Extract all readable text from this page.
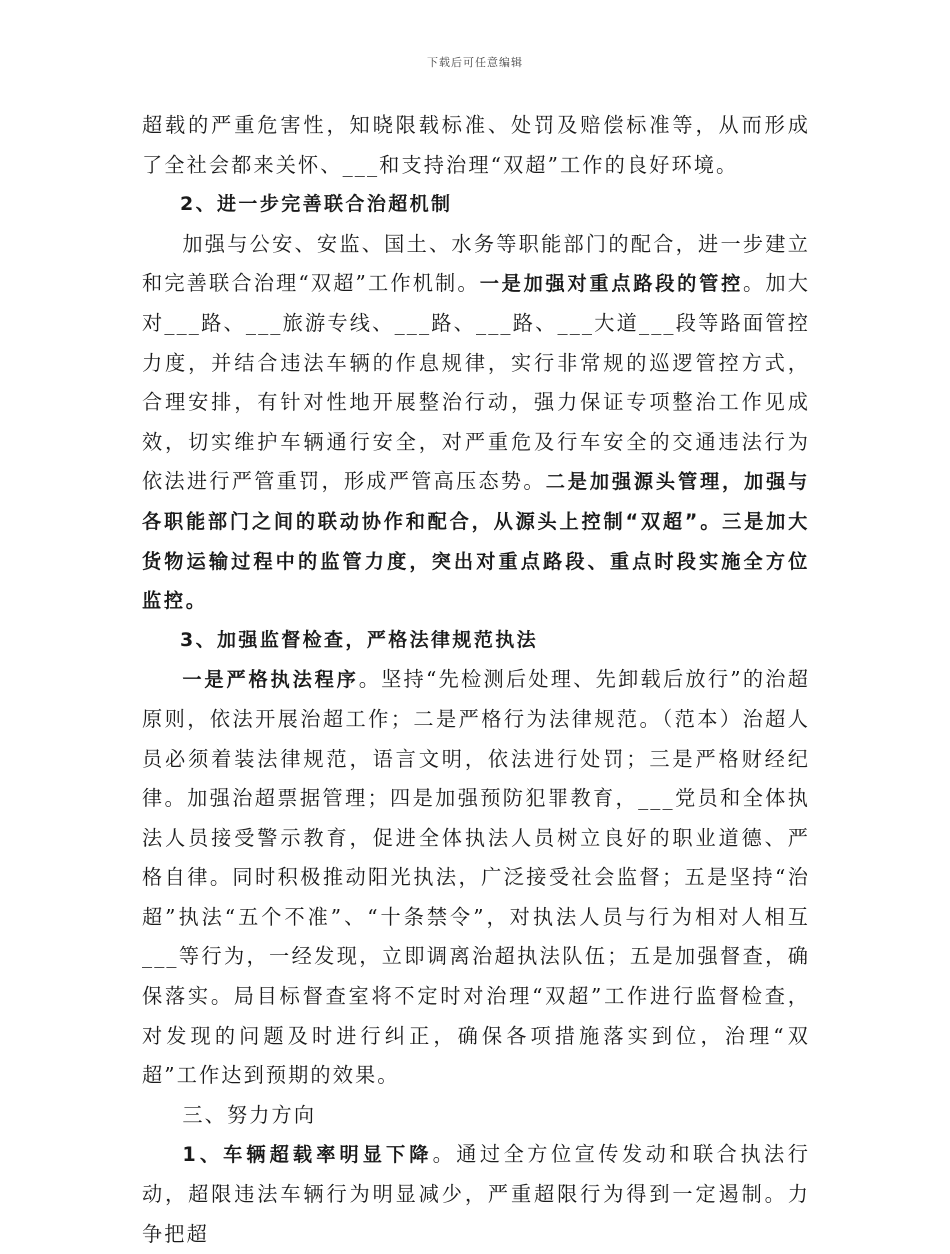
下载后可任意编辑

超载的严重危害性，知晓限载标准、处罚及赔偿标准等，从而形成了全社会都来关怀、___和支持治理“双超”工作的良好环境。

2、进一步完善联合治超机制

加强与公安、安监、国土、水务等职能部门的配合，进一步建立和完善联合治理“双超”工作机制。一是加强对重点路段的管控。加大对___路、___旅游专线、___路、___路、___大道___段等路面管控力度，并结合违法车辆的作息规律，实行非常规的巡逻管控方式，合理安排，有针对性地开展整治行动，强力保证专项整治工作见成效，切实维护车辆通行安全，对严重危及行车安全的交通违法行为依法进行严管重罚，形成严管高压态势。二是加强源头管理，加强与各职能部门之间的联动协作和配合，从源头上控制“双超”。三是加大货物运输过程中的监管力度，突出对重点路段、重点时段实施全方位监控。

3、加强监督检查，严格法律规范执法

一是严格执法程序。坚持“先检测后处理、先卸载后放行”的治超原则，依法开展治超工作；二是严格行为法律规范。（范本）治超人员必须着装法律规范，语言文明，依法进行处罚；三是严格财经纪律。加强治超票据管理；四是加强预防犯罪教育，___党员和全体执法人员接受警示教育，促进全体执法人员树立良好的职业道德、严格自律。同时积极推动阳光执法，广泛接受社会监督；五是坚持“治超”执法“五个不准”、“十条禁令”，对执法人员与行为相对人相互___等行为，一经发现，立即调离治超执法队伍；五是加强督查，确保落实。局目标督查室将不定时对治理“双超”工作进行监督检查，对发现的问题及时进行纠正，确保各项措施落实到位，治理“双超”工作达到预期的效果。

三、努力方向

1、车辆超载率明显下降。通过全方位宣传发动和联合执法行动，超限违法车辆行为明显减少，严重超限行为得到一定遏制。力争把超
